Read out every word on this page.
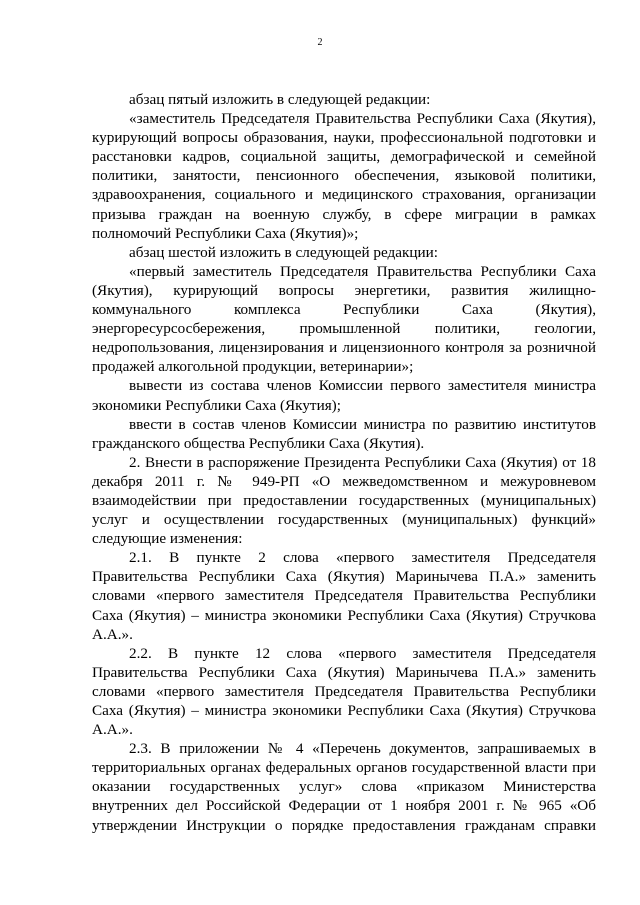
2

абзац пятый изложить в следующей редакции:

«заместитель Председателя Правительства Республики Саха (Якутия), курирующий вопросы образования, науки, профессиональной подготовки и расстановки кадров, социальной защиты, демографической и семейной политики, занятости, пенсионного обеспечения, языковой политики, здравоохранения, социального и медицинского страхования, организации призыва граждан на военную службу, в сфере миграции в рамках полномочий Республики Саха (Якутия)»;

абзац шестой изложить в следующей редакции:

«первый заместитель Председателя Правительства Республики Саха (Якутия), курирующий вопросы энергетики, развития жилищно-коммунального комплекса Республики Саха (Якутия), энергоресурсосбережения, промышленной политики, геологии, недропользования, лицензирования и лицензионного контроля за розничной продажей алкогольной продукции, ветеринарии»;

вывести из состава членов Комиссии первого заместителя министра экономики Республики Саха (Якутия);

ввести в состав членов Комиссии министра по развитию институтов гражданского общества Республики Саха (Якутия).

2. Внести в распоряжение Президента Республики Саха (Якутия) от 18 декабря 2011 г. № 949-РП «О межведомственном и межуровневом взаимодействии при предоставлении государственных (муниципальных) услуг и осуществлении государственных (муниципальных) функций» следующие изменения:

2.1. В пункте 2 слова «первого заместителя Председателя Правительства Республики Саха (Якутия) Маринычева П.А.» заменить словами «первого заместителя Председателя Правительства Республики Саха (Якутия) – министра экономики Республики Саха (Якутия) Стручкова А.А.».

2.2. В пункте 12 слова «первого заместителя Председателя Правительства Республики Саха (Якутия) Маринычева П.А.» заменить словами «первого заместителя Председателя Правительства Республики Саха (Якутия) – министра экономики Республики Саха (Якутия) Стручкова А.А.».

2.3. В приложении № 4 «Перечень документов, запрашиваемых в территориальных органах федеральных органов государственной власти при оказании государственных услуг» слова «приказом Министерства внутренних дел Российской Федерации от 1 ноября 2001 г. № 965 «Об утверждении Инструкции о порядке предоставления гражданам справки
